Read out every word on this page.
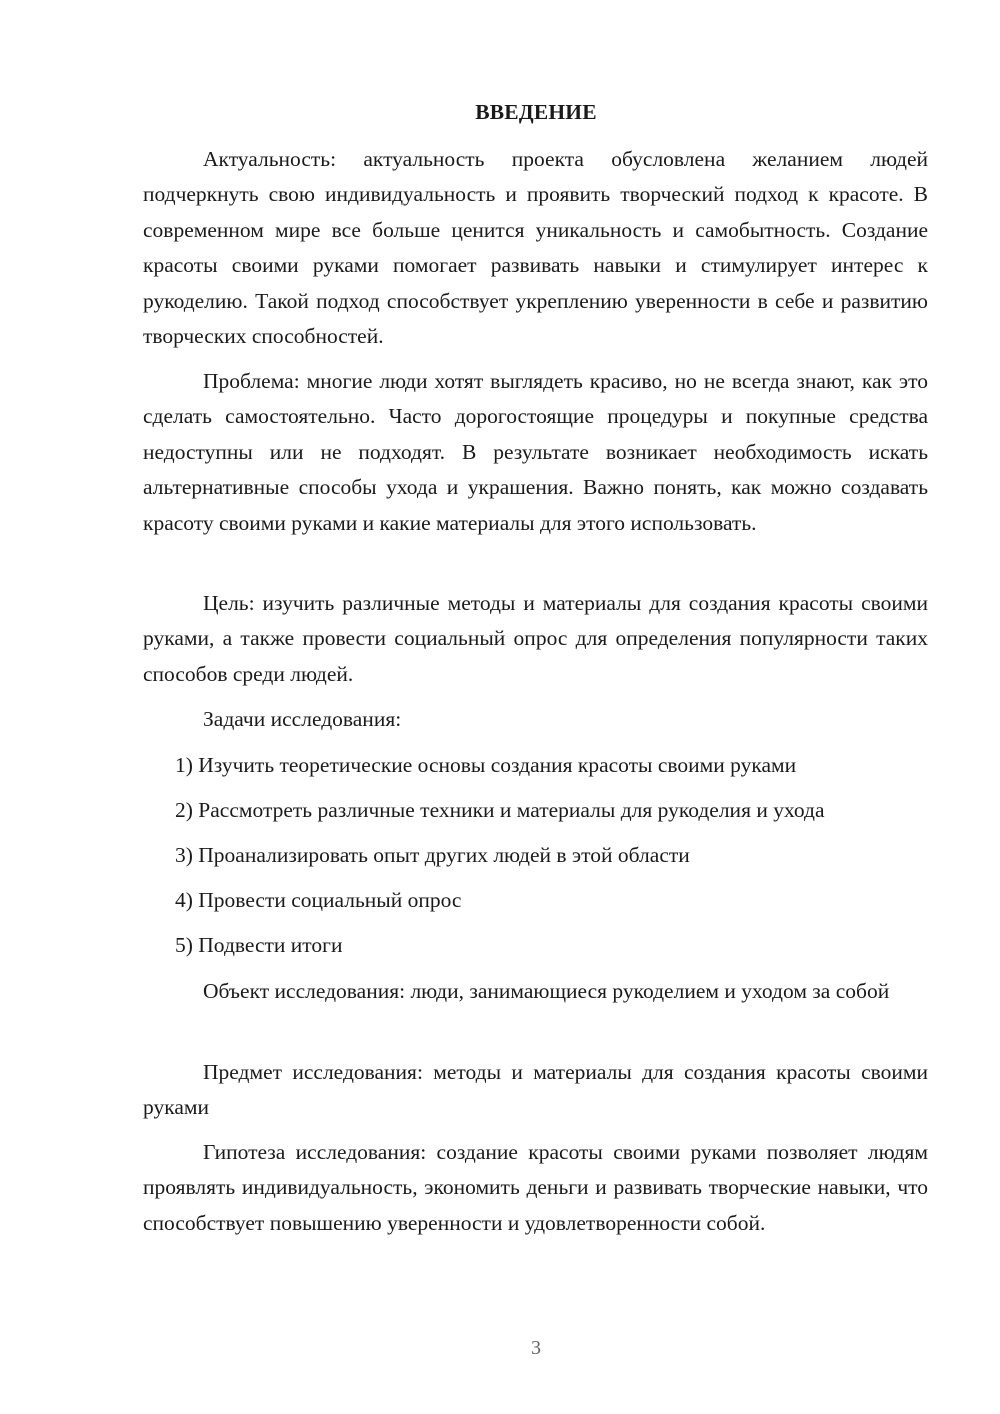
ВВЕДЕНИЕ

Актуальность: актуальность проекта обусловлена желанием людей подчеркнуть свою индивидуальность и проявить творческий подход к красоте. В современном мире все больше ценится уникальность и самобытность. Создание красоты своими руками помогает развивать навыки и стимулирует интерес к рукоделию. Такой подход способствует укреплению уверенности в себе и развитию творческих способностей.

Проблема: многие люди хотят выглядеть красиво, но не всегда знают, как это сделать самостоятельно. Часто дорогостоящие процедуры и покупные средства недоступны или не подходят. В результате возникает необходимость искать альтернативные способы ухода и украшения. Важно понять, как можно создавать красоту своими руками и какие материалы для этого использовать.

Цель: изучить различные методы и материалы для создания красоты своими руками, а также провести социальный опрос для определения популярности таких способов среди людей.

Задачи исследования:
1) Изучить теоретические основы создания красоты своими руками
2) Рассмотреть различные техники и материалы для рукоделия и ухода
3) Проанализировать опыт других людей в этой области
4) Провести социальный опрос
5) Подвести итоги

Объект исследования: люди, занимающиеся рукоделием и уходом за собой

Предмет исследования: методы и материалы для создания красоты своими руками

Гипотеза исследования: создание красоты своими руками позволяет людям проявлять индивидуальность, экономить деньги и развивать творческие навыки, что способствует повышению уверенности и удовлетворенности собой.

3
